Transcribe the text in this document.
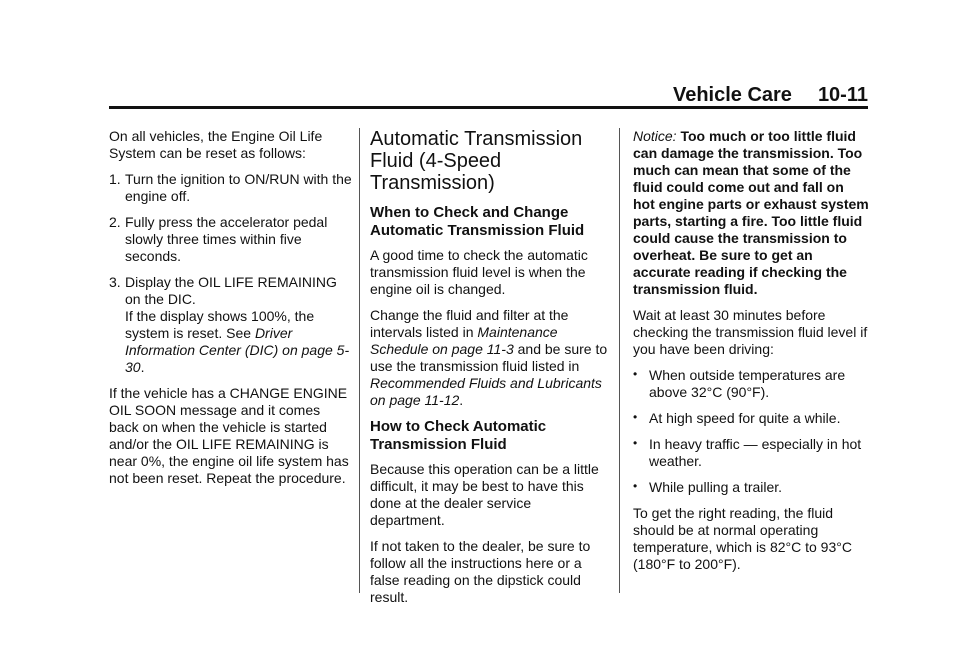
Vehicle Care 10-11

On all vehicles, the Engine Oil Life System can be reset as follows:

1. Turn the ignition to ON/RUN with the engine off.
2. Fully press the accelerator pedal slowly three times within five seconds.
3. Display the OIL LIFE REMAINING on the DIC.
If the display shows 100%, the system is reset. See Driver Information Center (DIC) on page 5-30.

If the vehicle has a CHANGE ENGINE OIL SOON message and it comes back on when the vehicle is started and/or the OIL LIFE REMAINING is near 0%, the engine oil life system has not been reset. Repeat the procedure.

Automatic Transmission Fluid (4-Speed Transmission)
When to Check and Change Automatic Transmission Fluid

A good time to check the automatic transmission fluid level is when the engine oil is changed.

Change the fluid and filter at the intervals listed in Maintenance Schedule on page 11-3 and be sure to use the transmission fluid listed in Recommended Fluids and Lubricants on page 11-12.

How to Check Automatic Transmission Fluid

Because this operation can be a little difficult, it may be best to have this done at the dealer service department.

If not taken to the dealer, be sure to follow all the instructions here or a false reading on the dipstick could result.

Notice: Too much or too little fluid can damage the transmission. Too much can mean that some of the fluid could come out and fall on hot engine parts or exhaust system parts, starting a fire. Too little fluid could cause the transmission to overheat. Be sure to get an accurate reading if checking the transmission fluid.

Wait at least 30 minutes before checking the transmission fluid level if you have been driving:

• When outside temperatures are above 32°C (90°F).
• At high speed for quite a while.
• In heavy traffic — especially in hot weather.
• While pulling a trailer.

To get the right reading, the fluid should be at normal operating temperature, which is 82°C to 93°C (180°F to 200°F).
